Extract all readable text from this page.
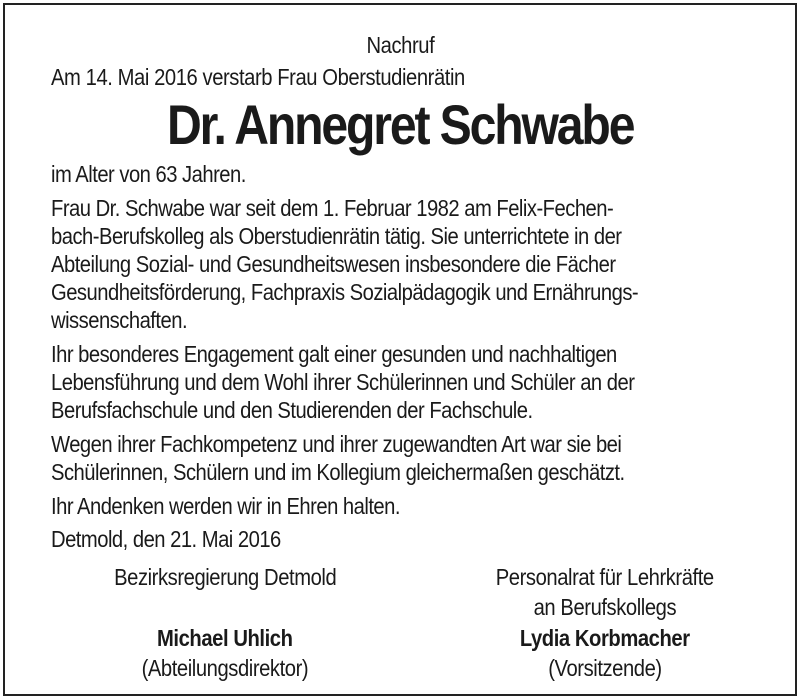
Nachruf
Am 14. Mai 2016 verstarb Frau Oberstudienrätin
Dr. Annegret Schwabe
im Alter von 63 Jahren.
Frau Dr. Schwabe war seit dem 1. Februar 1982 am Felix-Fechen-
bach-Berufskolleg als Oberstudienrätin tätig. Sie unterrichtete in der
Abteilung Sozial- und Gesundheitswesen insbesondere die Fächer
Gesundheitsförderung, Fachpraxis Sozialpädagogik und Ernährungs-
wissenschaften.
Ihr besonderes Engagement galt einer gesunden und nachhaltigen
Lebensführung und dem Wohl ihrer Schülerinnen und Schüler an der
Berufsfachschule und den Studierenden der Fachschule.
Wegen ihrer Fachkompetenz und ihrer zugewandten Art war sie bei
Schülerinnen, Schülern und im Kollegium gleichermaßen geschätzt.
Ihr Andenken werden wir in Ehren halten.
Detmold, den 21. Mai 2016
Bezirksregierung Detmold
Michael Uhlich
(Abteilungsdirektor)
Personalrat für Lehrkräfte
an Berufskollegs
Lydia Korbmacher
(Vorsitzende)
